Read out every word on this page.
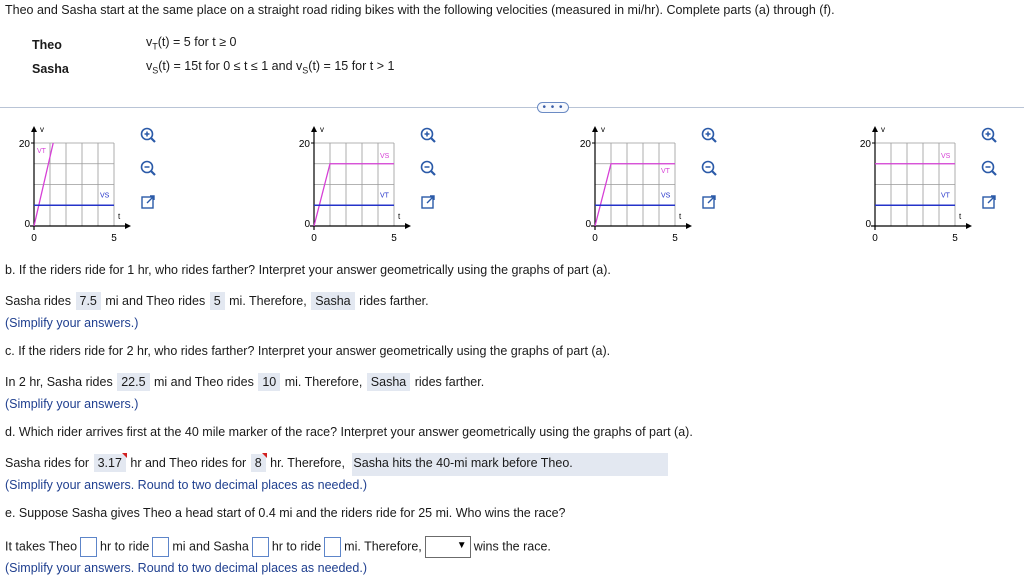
Theo and Sasha start at the same place on a straight road riding bikes with the following velocities (measured in mi/hr). Complete parts (a) through (f).
Theo
Sasha
$v_T(t) = 5$ for t ≥ 0
$v_S(t) = 15t$ for 0 ≤ t ≤ 1 and $v_S(t) = 15$ for t > 1
• • •
20
0
0	5
v
t
VT
VS
20
0
0	5
v
t
VS
VT
20
0
0	5
v
t
VT
VS
20
0
0	5
v
t
VS
VT
b. If the riders ride for 1 hr, who rides farther? Interpret your answer geometrically using the graphs of part (a).
Sasha rides 7.5 mi and Theo rides 5 mi. Therefore, Sasha rides farther.
(Simplify your answers.)
c. If the riders ride for 2 hr, who rides farther? Interpret your answer geometrically using the graphs of part (a).
In 2 hr, Sasha rides 22.5 mi and Theo rides 10 mi. Therefore, Sasha rides farther.
(Simplify your answers.)
d. Which rider arrives first at the 40 mile marker of the race? Interpret your answer geometrically using the graphs of part (a).
Sasha rides for 3.17 hr and Theo rides for 8 hr. Therefore, Sasha hits the 40-mi mark before Theo.
(Simplify your answers. Round to two decimal places as needed.)
e. Suppose Sasha gives Theo a head start of 0.4 mi and the riders ride for 25 mi. Who wins the race?
It takes Theo hr to ride mi and Sasha hr to ride mi. Therefore,	▼ wins the race.
(Simplify your answers. Round to two decimal places as needed.)
